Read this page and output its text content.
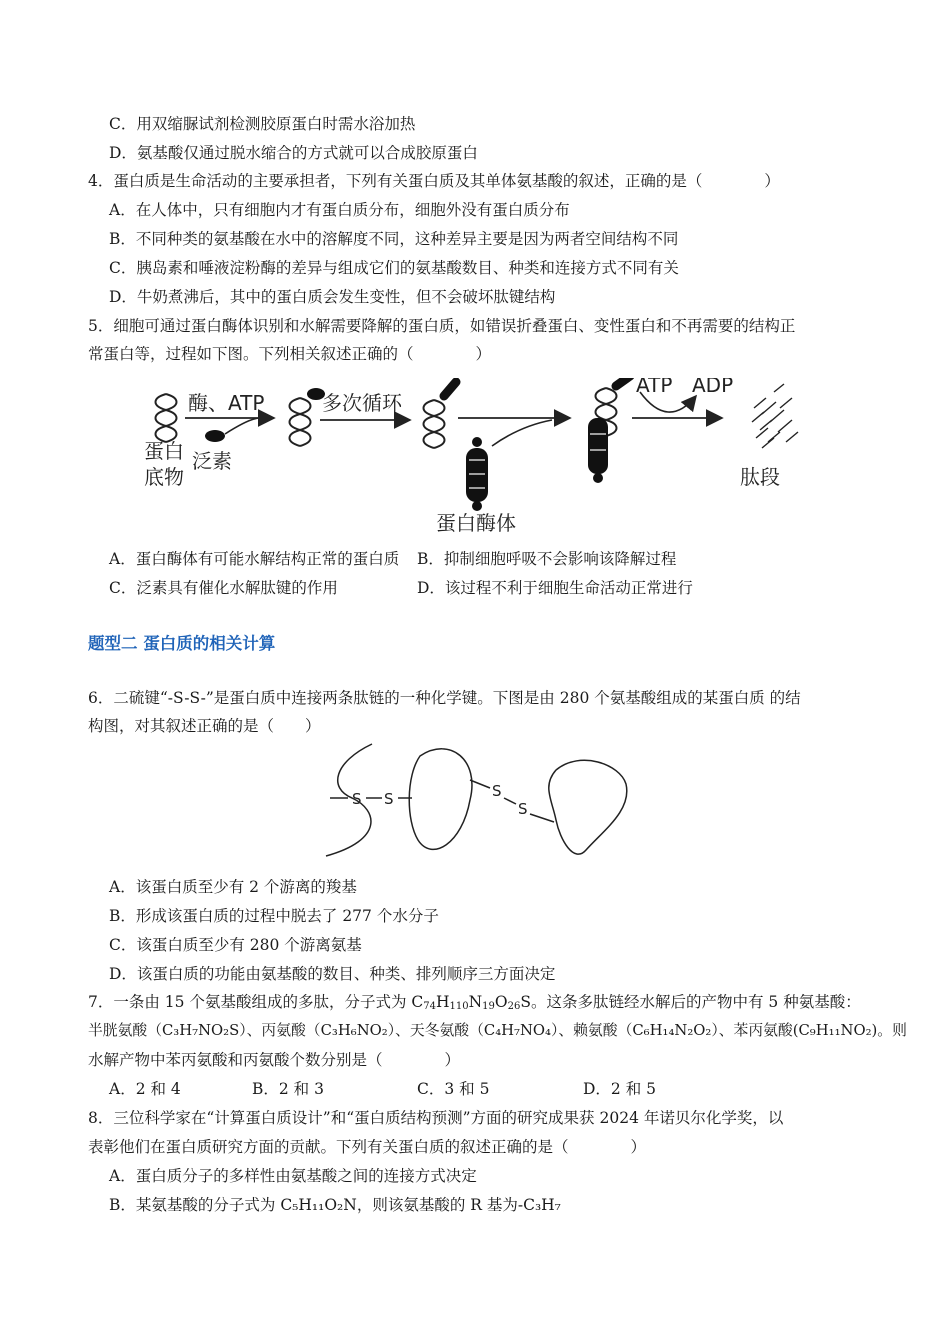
C．用双缩脲试剂检测胶原蛋白时需水浴加热
D．氨基酸仅通过脱水缩合的方式就可以合成胶原蛋白
4．蛋白质是生命活动的主要承担者，下列有关蛋白质及其单体氨基酸的叙述，正确的是（　　　　）
A．在人体中，只有细胞内才有蛋白质分布，细胞外没有蛋白质分布
B．不同种类的氨基酸在水中的溶解度不同，这种差异主要是因为两者空间结构不同
C．胰岛素和唾液淀粉酶的差异与组成它们的氨基酸数目、种类和连接方式不同有关
D．牛奶煮沸后，其中的蛋白质会发生变性，但不会破坏肽键结构
5．细胞可通过蛋白酶体识别和水解需要降解的蛋白质，如错误折叠蛋白、变性蛋白和不再需要的结构正
常蛋白等，过程如下图。下列相关叙述正确的（　　　　）
蛋白
底物
泛素
酶、ATP	多次循环
蛋白酶体
ATP ADP
肽段
A．蛋白酶体有可能水解结构正常的蛋白质 B．抑制细胞呼吸不会影响该降解过程
C．泛素具有催化水解肽键的作用	D．该过程不利于细胞生命活动正常进行
题型二 蛋白质的相关计算
6．二硫键“-S-S-”是蛋白质中连接两条肽链的一种化学键。下图是由 280 个氨基酸组成的某蛋白质 的结
构图，对其叙述正确的是（　　）
S S	S
S
A．该蛋白质至少有 2 个游离的羧基
B．形成该蛋白质的过程中脱去了 277 个水分子
C．该蛋白质至少有 280 个游离氨基
D．该蛋白质的功能由氨基酸的数目、种类、排列顺序三方面决定
7．一条由 15 个氨基酸组成的多肽，分子式为 $C_{74}H_{110}N_{19}O_{26}S$。这条多肽链经水解后的产物中有 5 种氨基酸：
半胱氨酸（C₃H₇NO₂S）、丙氨酸（C₃H₆NO₂）、天冬氨酸（C₄H₇NO₄）、赖氨酸（C₆H₁₄N₂O₂）、苯丙氨酸(C₉H₁₁NO₂)。则
水解产物中苯丙氨酸和丙氨酸个数分别是（　　　　）
A．2 和 4	B．2 和 3	C．3 和 5	D．2 和 5
8．三位科学家在“计算蛋白质设计”和“蛋白质结构预测”方面的研究成果获 2024 年诺贝尔化学奖，以
表彰他们在蛋白质研究方面的贡献。下列有关蛋白质的叙述正确的是（　　　　）
A．蛋白质分子的多样性由氨基酸之间的连接方式决定
B．某氨基酸的分子式为 C₅H₁₁O₂N，则该氨基酸的 R 基为-C₃H₇
